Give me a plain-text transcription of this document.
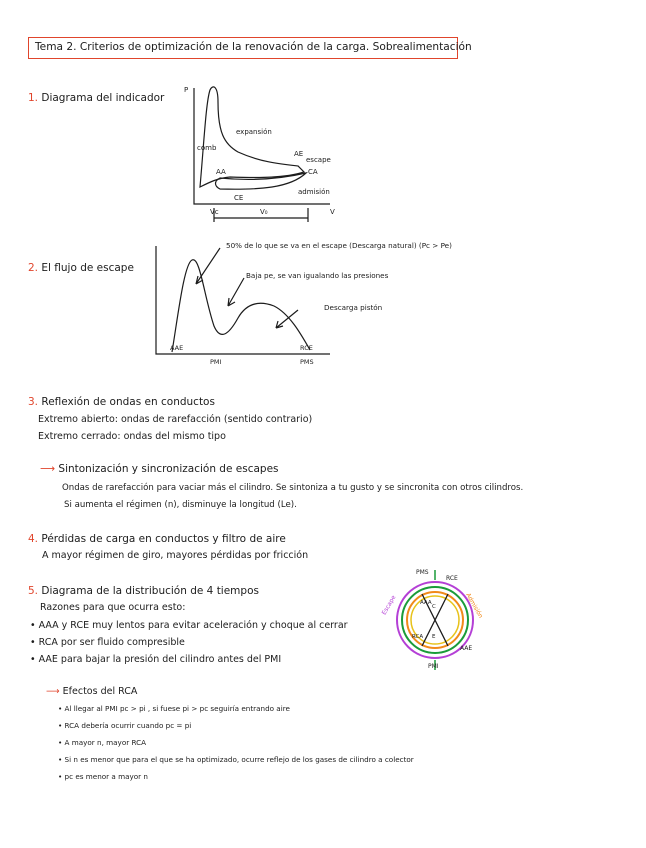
Tema 2. Criterios de optimización de la renovación de la carga. Sobrealimentación
1. Diagrama del indicador
P
V
expansión
comb
AE
escape
AA	CA
CE
admisión
Vc	V₀
2. El flujo de escape
50% de lo que se va en el escape (Descarga natural) (Pc > Pe)
Baja pe, se van igualando las presiones
Descarga pistón
AAE	RCE
PMI	PMS
3. Reflexión de ondas en conductos
Extremo abierto: ondas de rarefacción (sentido contrario)
Extremo cerrado: ondas del mismo tipo
⟶ Sintonización y sincronización de escapes
Ondas de rarefacción para vaciar más el cilindro. Se sintoniza a tu gusto y se sincronita con otros cilindros.
Si aumenta el régimen (n), disminuye la longitud (Le).
4. Pérdidas de carga en conductos y filtro de aire
A mayor régimen de giro, mayores pérdidas por fricción
5. Diagrama de la distribución de 4 tiempos
Razones para que ocurra esto:
• AAA y RCE muy lentos para evitar aceleración y choque al cerrar
• RCA por ser fluido compresible
• AAE para bajar la presión del cilindro antes del PMI
PMS
RCE
Escape	Admisión
AAA
RCA
C
E
AAE
PMI
⟶ Efectos del RCA
• Al llegar al PMI pc > pi , si fuese pi > pc seguiría entrando aire
• RCA debería ocurrir cuando pc = pi
• A mayor n, mayor RCA
• Si n es menor que para el que se ha optimizado, ocurre reflejo de los gases de cilindro a colector
• pc es menor a mayor n
